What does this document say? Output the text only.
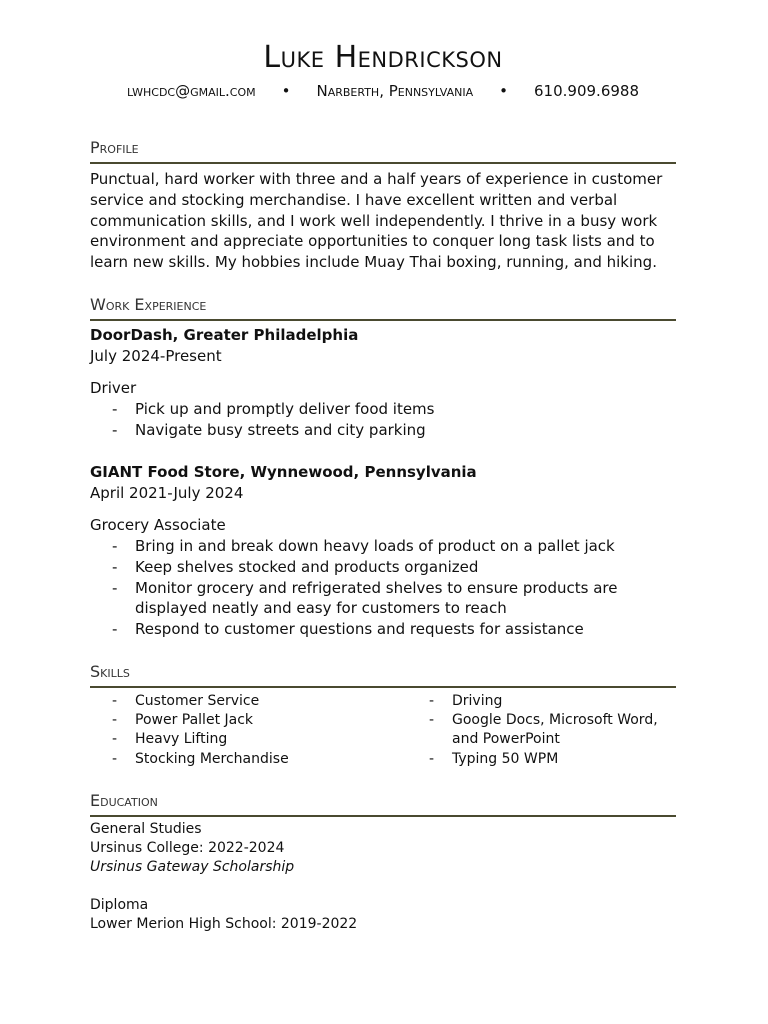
Luke Hendrickson
lwhcdc@gmail.com • Narberth, Pennsylvania • 610.909.6988
Profile

Punctual, hard worker with three and a half years of experience in customer service and stocking merchandise. I have excellent written and verbal communication skills, and I work well independently. I thrive in a busy work environment and appreciate opportunities to conquer long task lists and to learn new skills. My hobbies include Muay Thai boxing, running, and hiking.

Work Experience
DoorDash, Greater Philadelphia
July 2024-Present
Driver
- Pick up and promptly deliver food items
- Navigate busy streets and city parking
GIANT Food Store, Wynnewood, Pennsylvania
April 2021-July 2024
Grocery Associate
- Bring in and break down heavy loads of product on a pallet jack
- Keep shelves stocked and products organized
- Monitor grocery and refrigerated shelves to ensure products are displayed neatly and easy for customers to reach
- Respond to customer questions and requests for assistance
Skills
- Customer Service
- Power Pallet Jack
- Heavy Lifting
- Stocking Merchandise
- Driving
- Google Docs, Microsoft Word, and PowerPoint
- Typing 50 WPM
Education
General Studies
Ursinus College: 2022-2024
Ursinus Gateway Scholarship
Diploma
Lower Merion High School: 2019-2022
